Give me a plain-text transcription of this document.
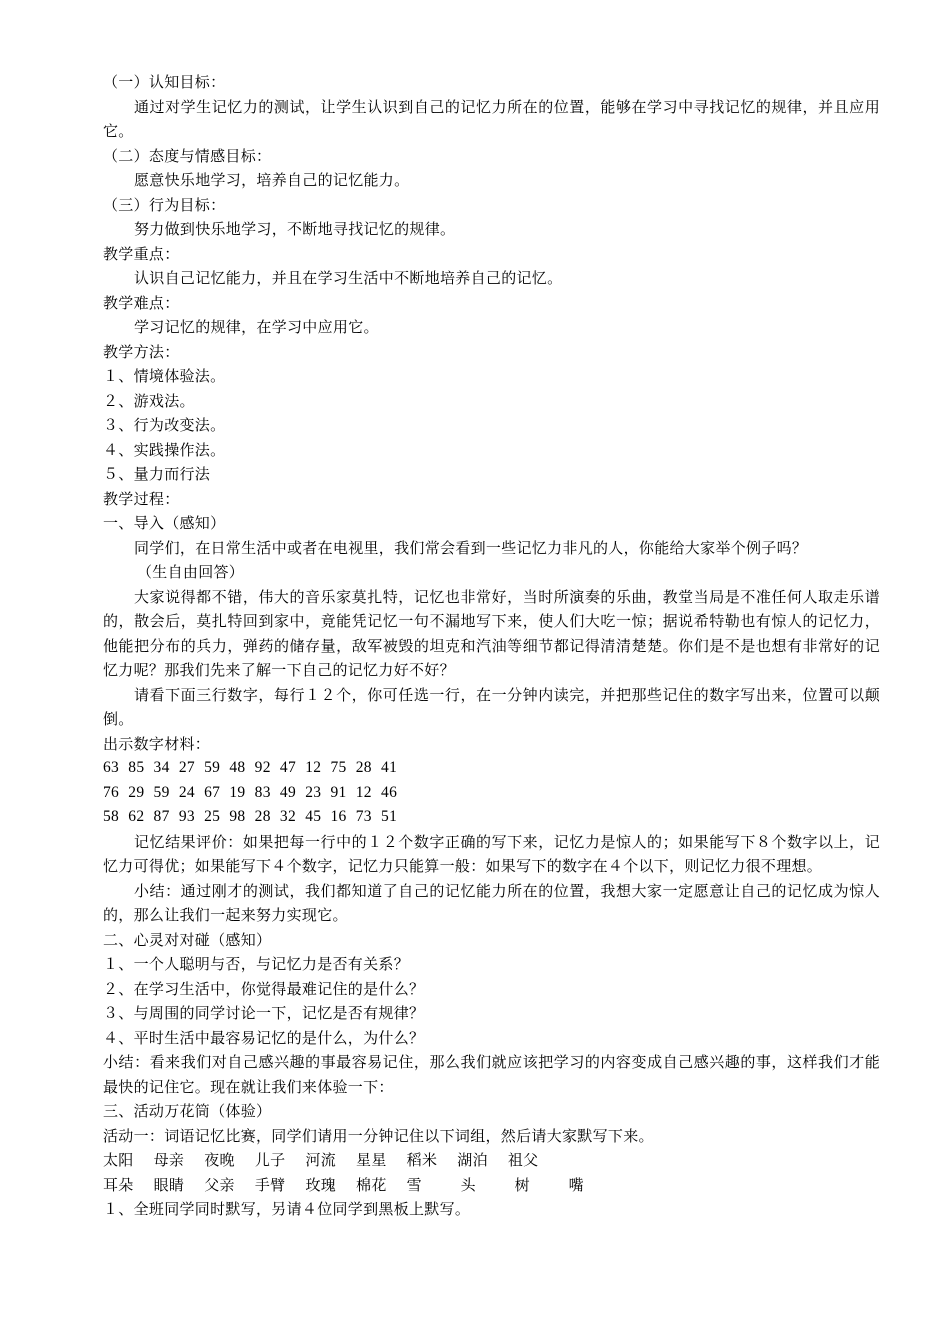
（一）认知目标：
通过对学生记忆力的测试，让学生认识到自己的记忆力所在的位置，能够在学习中寻找记忆的规律，并且应用它。
（二）态度与情感目标：
愿意快乐地学习，培养自己的记忆能力。
（三）行为目标：
努力做到快乐地学习，不断地寻找记忆的规律。
教学重点：
认识自己记忆能力，并且在学习生活中不断地培养自己的记忆。
教学难点：
学习记忆的规律，在学习中应用它。
教学方法：
１、情境体验法。
２、游戏法。
３、行为改变法。
４、实践操作法。
５、量力而行法
教学过程：
一、导入（感知）
同学们，在日常生活中或者在电视里，我们常会看到一些记忆力非凡的人，你能给大家举个例子吗？
（生自由回答）
大家说得都不错，伟大的音乐家莫扎特，记忆也非常好，当时所演奏的乐曲，教堂当局是不准任何人取走乐谱的，散会后，莫扎特回到家中，竟能凭记忆一句不漏地写下来，使人们大吃一惊；据说希特勒也有惊人的记忆力，他能把分布的兵力，弹药的储存量，敌军被毁的坦克和汽油等细节都记得清清楚楚。你们是不是也想有非常好的记忆力呢？那我们先来了解一下自己的记忆力好不好？
请看下面三行数字，每行１２个，你可任选一行，在一分钟内读完，并把那些记住的数字写出来，位置可以颠倒。
出示数字材料：
63 85 34 27 59 48 92 47 12 75 28 41
76 29 59 24 67 19 83 49 23 91 12 46
58 62 87 93 25 98 28 32 45 16 73 51
记忆结果评价：如果把每一行中的１２个数字正确的写下来，记忆力是惊人的；如果能写下８个数字以上，记忆力可得优；如果能写下４个数字，记忆力只能算一般：如果写下的数字在４个以下，则记忆力很不理想。
小结：通过刚才的测试，我们都知道了自己的记忆能力所在的位置，我想大家一定愿意让自己的记忆成为惊人的，那么让我们一起来努力实现它。
二、心灵对对碰（感知）
１、一个人聪明与否，与记忆力是否有关系？
２、在学习生活中，你觉得最难记住的是什么？
３、与周围的同学讨论一下，记忆是否有规律？
４、平时生活中最容易记忆的是什么，为什么？
小结：看来我们对自己感兴趣的事最容易记住，那么我们就应该把学习的内容变成自己感兴趣的事，这样我们才能最快的记住它。现在就让我们来体验一下：
三、活动万花筒（体验）
活动一：词语记忆比赛，同学们请用一分钟记住以下词组，然后请大家默写下来。
太阳 母亲 夜晚 儿子 河流 星星 稻米 湖泊 祖父
耳朵 眼睛 父亲 手臂 玫瑰 棉花 雪	头	树	嘴
１、全班同学同时默写，另请４位同学到黑板上默写。
